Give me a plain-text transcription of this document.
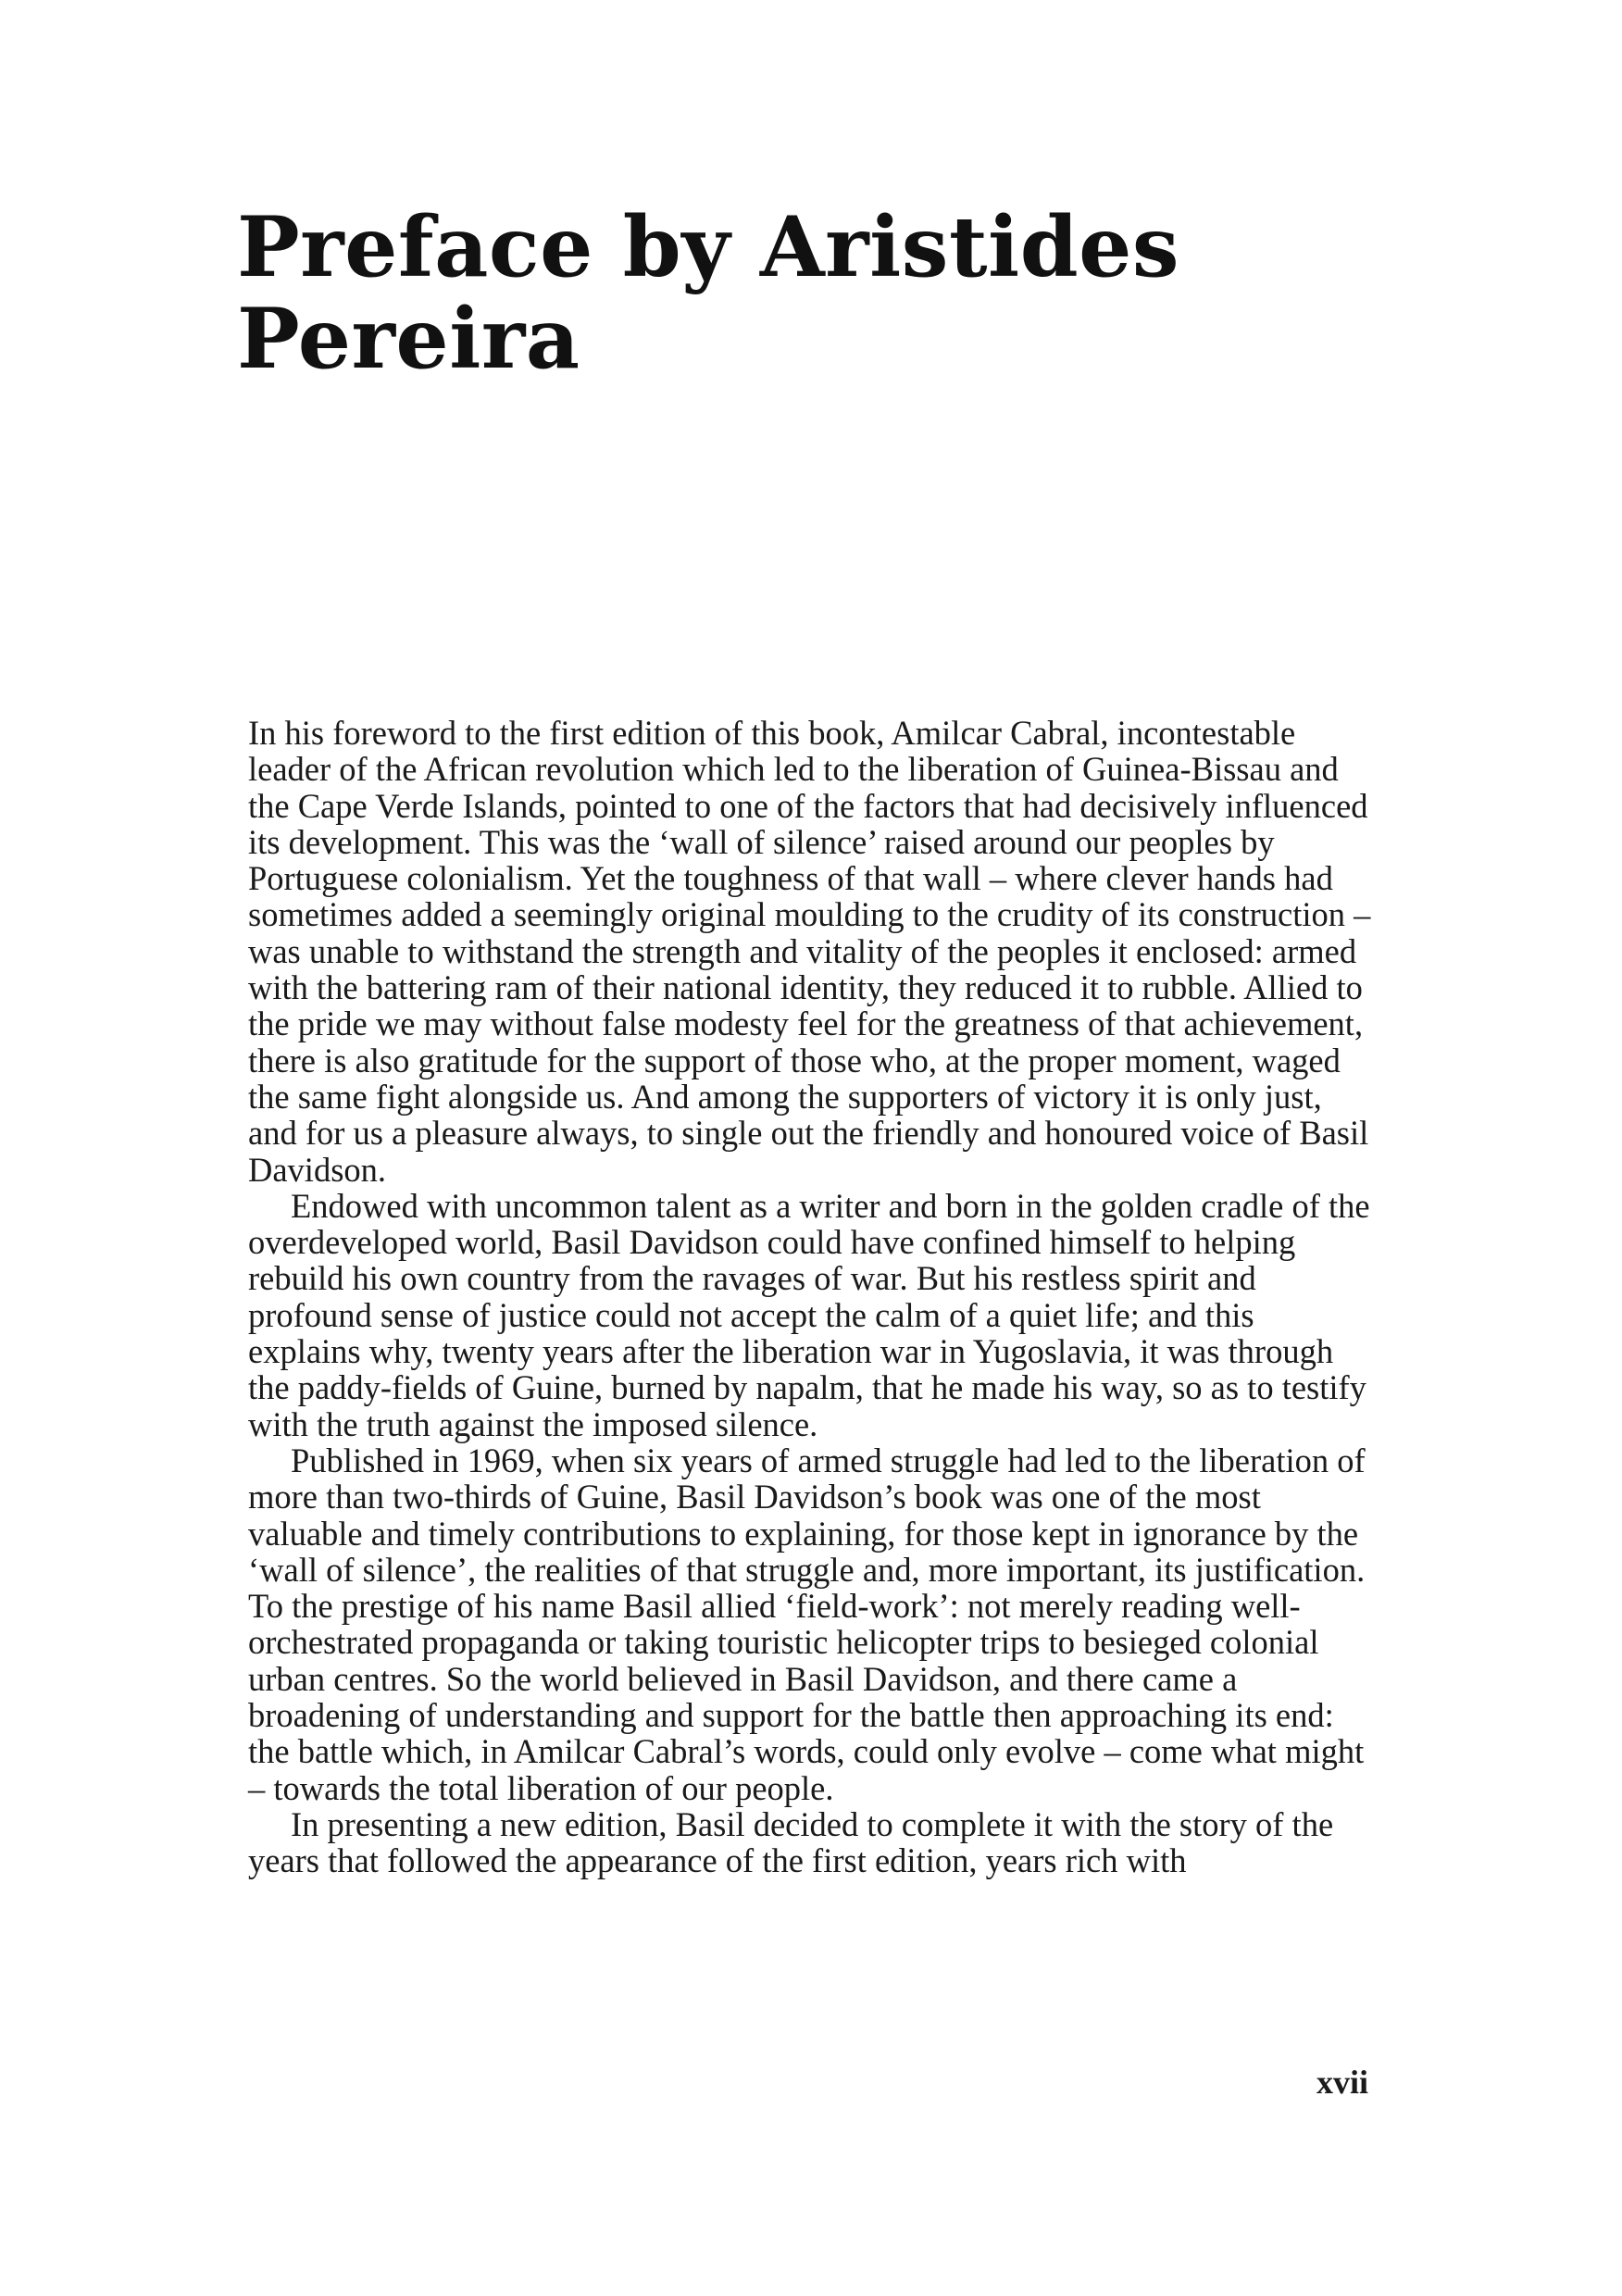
Preface by Aristides Pereira

In his foreword to the first edition of this book, Amilcar Cabral, incontestable leader of the African revolution which led to the liberation of Guinea-Bissau and the Cape Verde Islands, pointed to one of the factors that had decisively influenced its development. This was the ‘wall of silence’ raised around our peoples by Portuguese colonialism. Yet the toughness of that wall – where clever hands had sometimes added a seemingly original moulding to the crudity of its construction – was unable to withstand the strength and vitality of the peoples it enclosed: armed with the battering ram of their national identity, they reduced it to rubble. Allied to the pride we may without false modesty feel for the greatness of that achievement, there is also gratitude for the support of those who, at the proper moment, waged the same fight alongside us. And among the supporters of victory it is only just, and for us a pleasure always, to single out the friendly and honoured voice of Basil Davidson.

Endowed with uncommon talent as a writer and born in the golden cradle of the overdeveloped world, Basil Davidson could have confined himself to helping rebuild his own country from the ravages of war. But his restless spirit and profound sense of justice could not accept the calm of a quiet life; and this explains why, twenty years after the liberation war in Yugoslavia, it was through the paddy-fields of Guine, burned by napalm, that he made his way, so as to testify with the truth against the imposed silence.

Published in 1969, when six years of armed struggle had led to the liberation of more than two-thirds of Guine, Basil Davidson’s book was one of the most valuable and timely contributions to explaining, for those kept in ignorance by the ‘wall of silence’, the realities of that struggle and, more important, its justification. To the prestige of his name Basil allied ‘field-work’: not merely reading well-orchestrated propaganda or taking touristic helicopter trips to besieged colonial urban centres. So the world believed in Basil Davidson, and there came a broadening of understanding and support for the battle then approaching its end: the battle which, in Amilcar Cabral’s words, could only evolve – come what might – towards the total liberation of our people.

In presenting a new edition, Basil decided to complete it with the story of the years that followed the appearance of the first edition, years rich with

xvii
